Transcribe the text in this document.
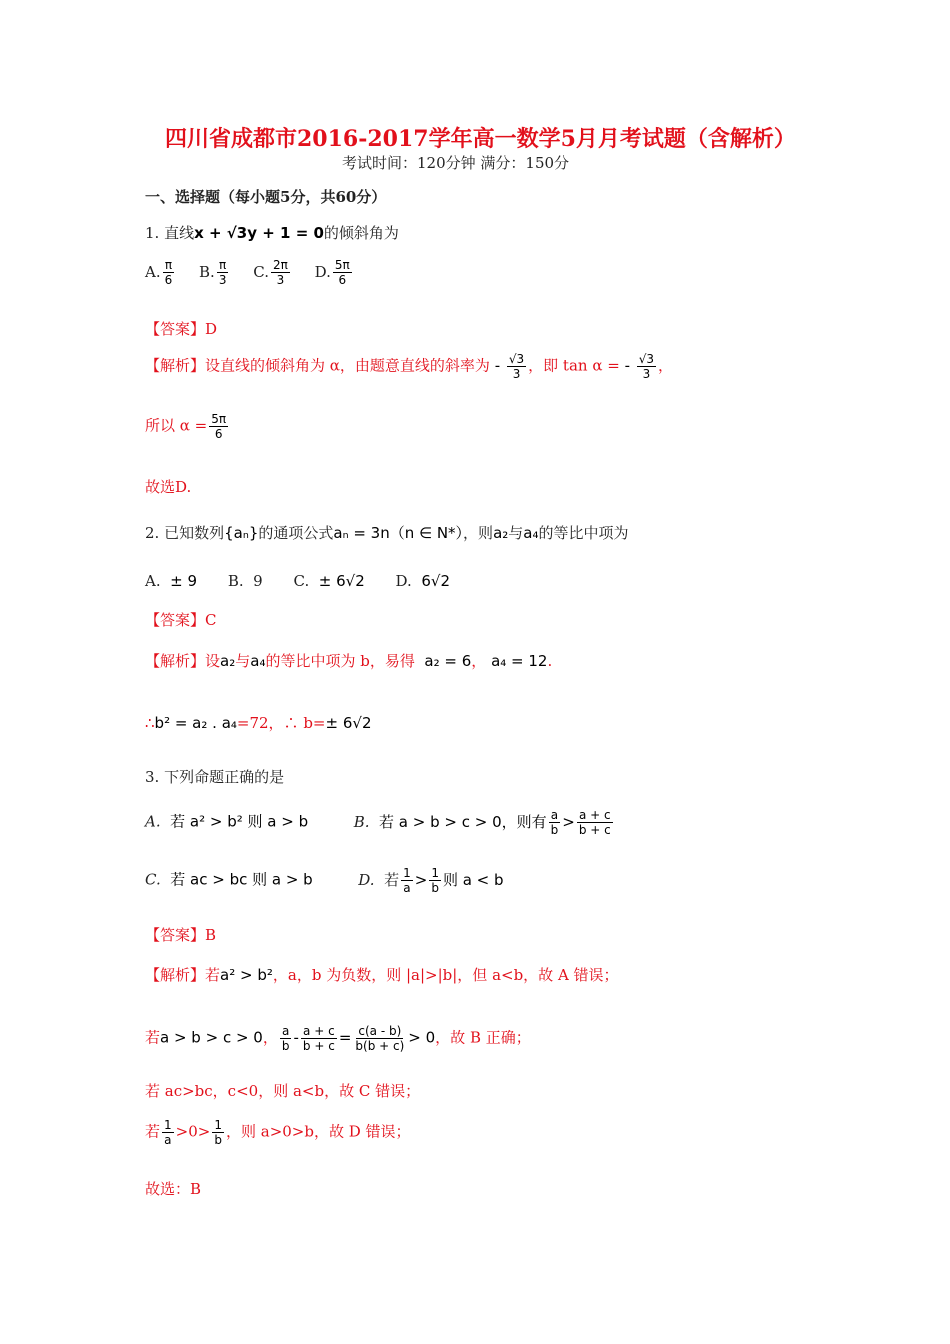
四川省成都市2016-2017学年高一数学5月月考试题（含解析）
考试时间：120分钟 满分：150分
一、选择题（每小题5分，共60分）
1. 直线x + √3y + 1 = 0的倾斜角为
A. $\frac{\pi}{6} B$. $\frac{\pi}{3} C$. $\frac{2\pi}{3} D$. $\frac{5\pi}{6}$
【答案】D
【解析】设直线的倾斜角为 α，由题意直线的斜率为 - $\frac{√3}{3}$ ，即 tan α = - $\frac{√3}{3}$ ，
所以 $\alpha = \frac{5\pi}{6}$
故选D.
2. 已知数列{aₙ}的通项公式aₙ = 3n（n ∈ N*），则a₂与a₄的等比中项为
A. ± 9 B. 9 C. ± 6√2 D. 6√2
【答案】C
【解析】设a₂与a₄的等比中项为 b，易得 a₂ = 6， a₄ = 12.
∴b² = a₂ . a₄=72，∴ b=± 6√2
3. 下列命题正确的是
A. 若 a² > b² 则 a > b	B. 若 a > b > c > 0，则有 $\frac{a}{b} > \frac{a + c}{b + c}$
C. 若 ac > bc 则 a > b	D. 若 $\frac{1}{a} > \frac{1}{b}$ 则 a < b
【答案】B
【解析】若a² > b²，a，b 为负数，则 |a|>|b|，但 a<b，故 A 错误；
若a > b > c > 0， $\frac{a}{b} - \frac{a + c}{b + c} = \frac{c(a - b)}{b(b + c)} > 0$，故 B 正确；
若 ac>bc，c<0，则 a<b，故 C 错误；
若 $\frac{1}{a} >0> \frac{1}{b}$ ，则 a>0>b，故 D 错误；
故选：B
